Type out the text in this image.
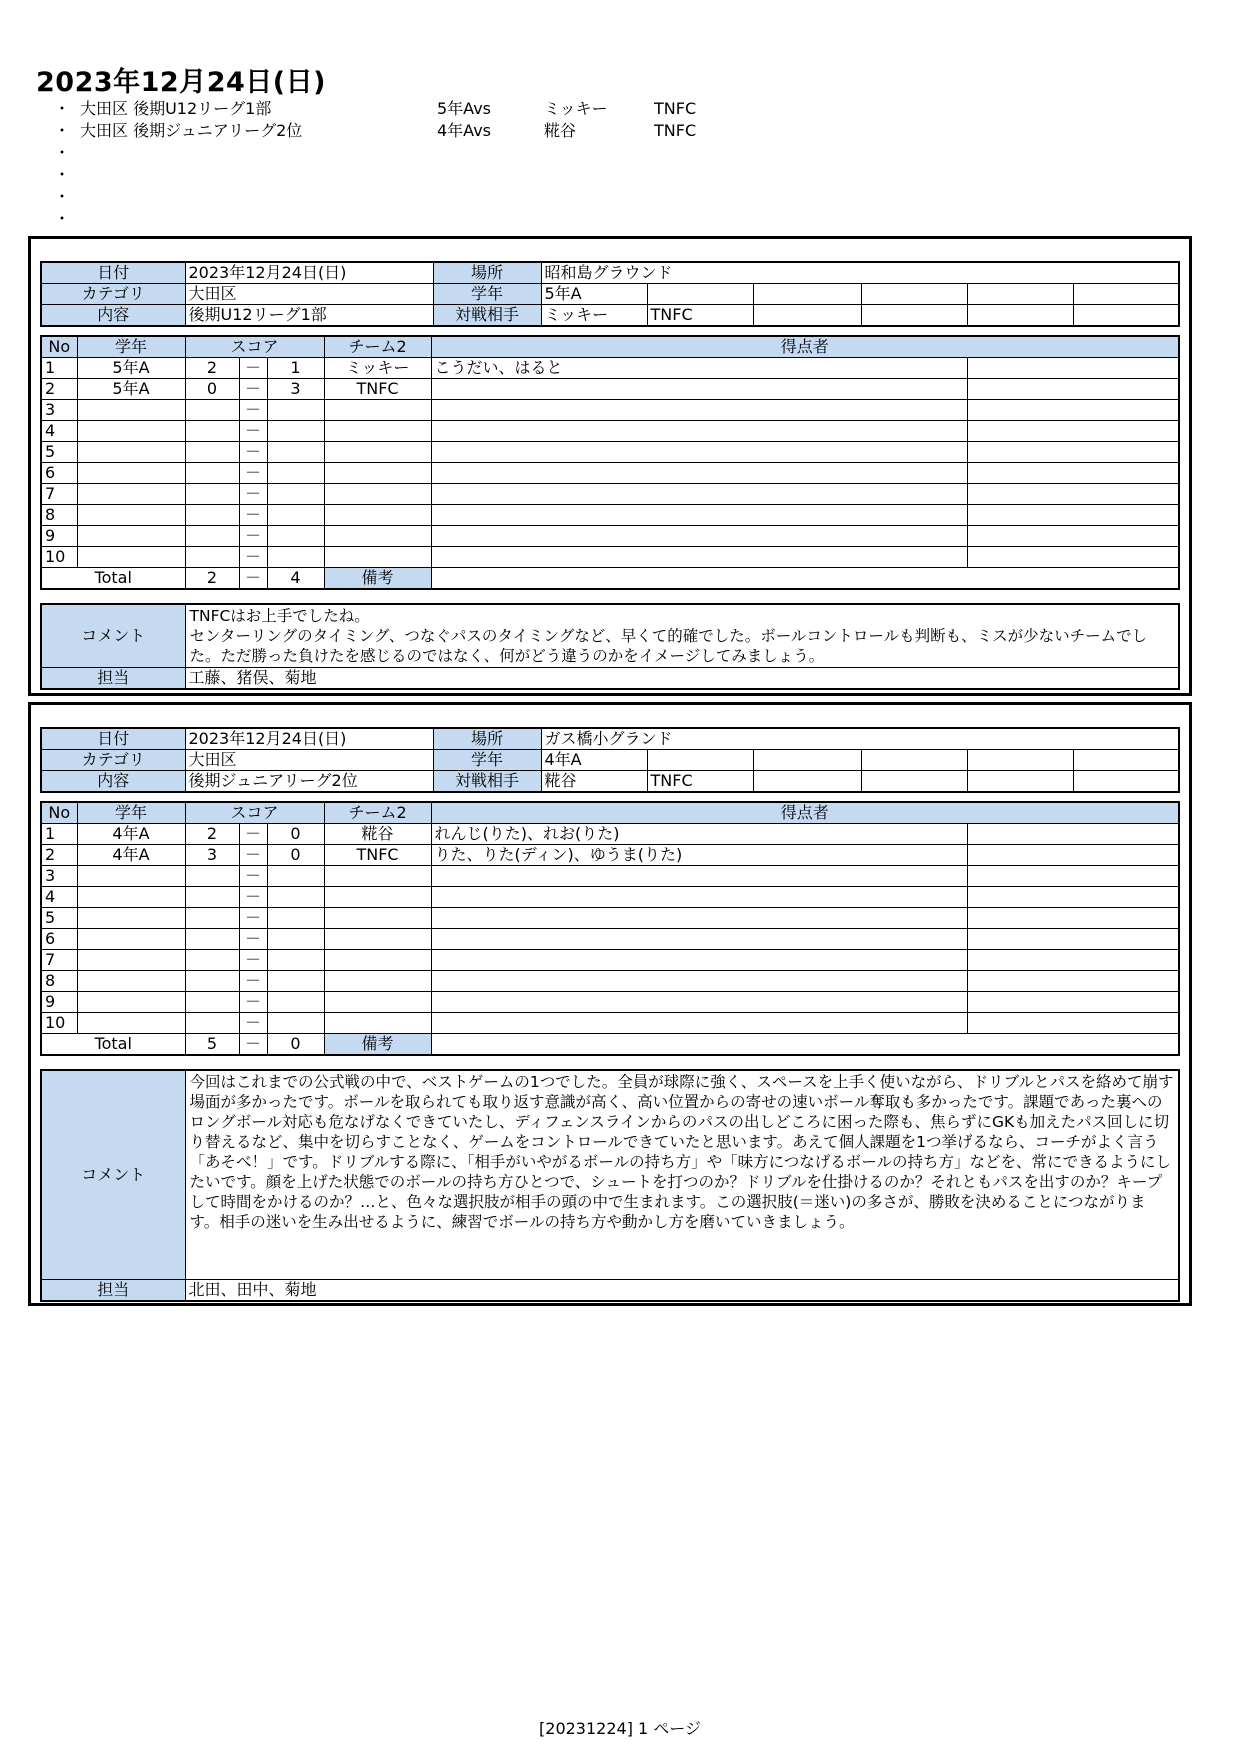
2023年12月24日(日)
・ 大田区 後期U12リーグ1部	5年Avs	ミッキー	TNFC
・ 大田区 後期ジュニアリーグ2位	4年Avs	糀谷	TNFC
・
・
・
・
日付	2023年12月24日(日)	場所	昭和島グラウンド					
カテゴリ	大田区	学年	5年A					
内容	後期U12リーグ1部	対戦相手	ミッキー	TNFC				
No	学年	スコア			チーム2	得点者	
1	5年A	2	－	1	ミッキー	こうだい、はると	
2	5年A	0	－	3	TNFC		
3			－				
4			－				
5			－				
6			－				
7			－				
8			－				
9			－				
10			－				
Total		2	－	4	備考		
コメント	TNFCはお上手でしたね。
センターリングのタイミング、つなぐパスのタイミングなど、早くて的確でした。ボールコントロールも判断も、ミスが少ないチームでした。ただ勝った負けたを感じるのではなく、何がどう違うのかをイメージしてみましょう。
担当	工藤、猪俣、菊地
日付	2023年12月24日(日)	場所	ガス橋小グランド					
カテゴリ	大田区	学年	4年A					
内容	後期ジュニアリーグ2位	対戦相手	糀谷	TNFC				
No	学年	スコア			チーム2	得点者	
1	4年A	2	－	0	糀谷	れんじ(りた)、れお(りた)	
2	4年A	3	－	0	TNFC	りた、りた(ディン)、ゆうま(りた)	
3			－				
4			－				
5			－				
6			－				
7			－				
8			－				
9			－				
10			－				
Total		5	－	0	備考		
コメント	今回はこれまでの公式戦の中で、ベストゲームの1つでした。全員が球際に強く、スペースを上手く使いながら、ドリブルとパスを絡めて崩す場面が多かったです。ボールを取られても取り返す意識が高く、高い位置からの寄せの速いボール奪取も多かったです。課題であった裏へのロングボール対応も危なげなくできていたし、ディフェンスラインからのパスの出しどころに困った際も、焦らずにGKも加えたパス回しに切り替えるなど、集中を切らすことなく、ゲームをコントロールできていたと思います。あえて個人課題を1つ挙げるなら、コーチがよく言う「あそべ！」です。ドリブルする際に、「相手がいやがるボールの持ち方」や「味方につなげるボールの持ち方」などを、常にできるようにしたいです。顔を上げた状態でのボールの持ち方ひとつで、シュートを打つのか？ドリブルを仕掛けるのか？それともパスを出すのか？キープして時間をかけるのか？…と、色々な選択肢が相手の頭の中で生まれます。この選択肢(＝迷い)の多さが、勝敗を決めることにつながります。相手の迷いを生み出せるように、練習でボールの持ち方や動かし方を磨いていきましょう。
担当	北田、田中、菊地
[20231224] 1 ページ
